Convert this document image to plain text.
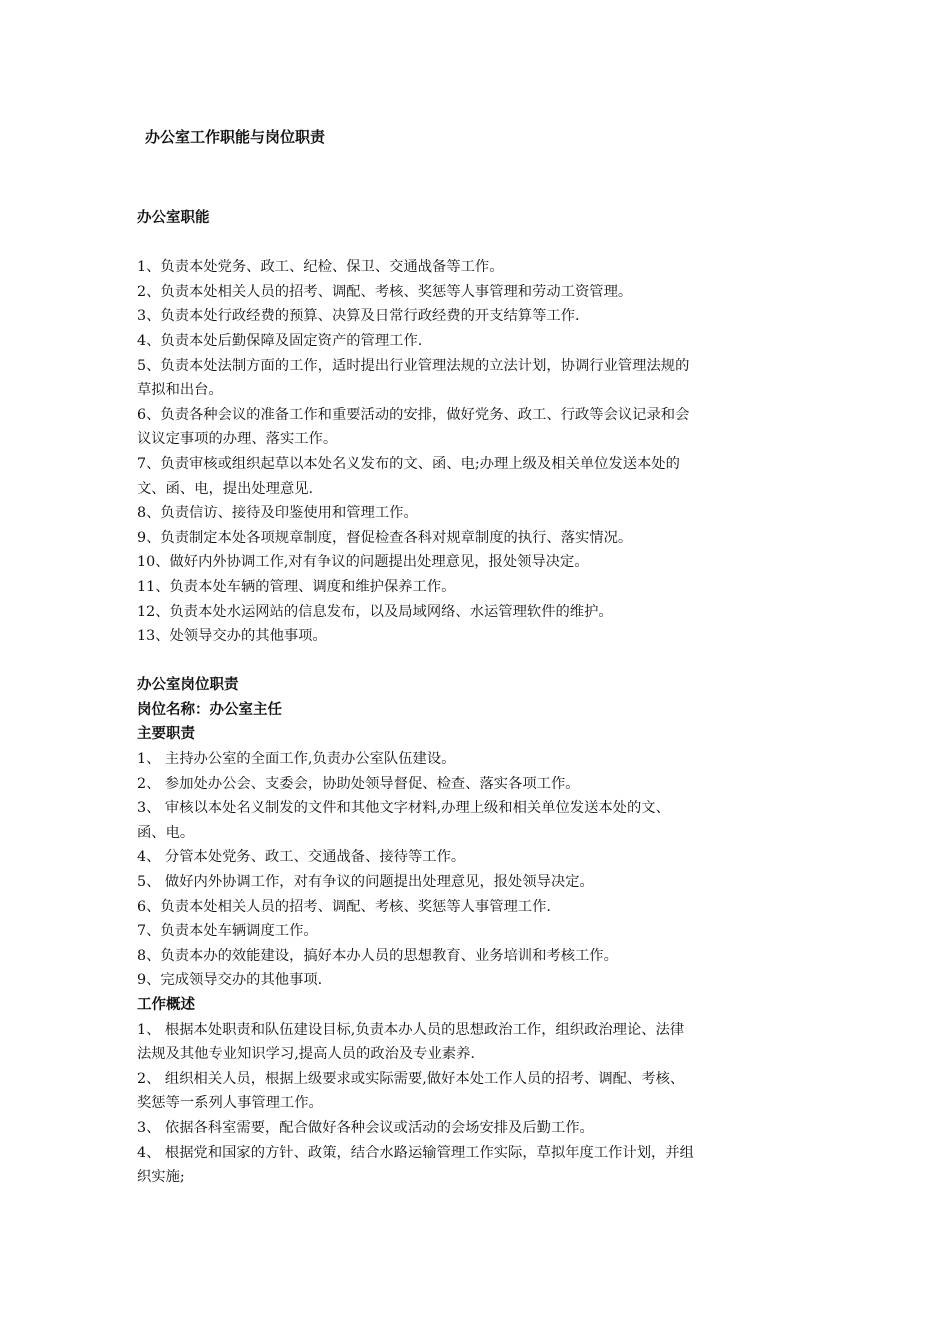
办公室工作职能与岗位职责
办公室职能
1、负责本处党务、政工、纪检、保卫、交通战备等工作。
2、负责本处相关人员的招考、调配、考核、奖惩等人事管理和劳动工资管理。
3、负责本处行政经费的预算、决算及日常行政经费的开支结算等工作.
4、负责本处后勤保障及固定资产的管理工作.
5、负责本处法制方面的工作，适时提出行业管理法规的立法计划，协调行业管理法规的
草拟和出台。
6、负责各种会议的准备工作和重要活动的安排，做好党务、政工、行政等会议记录和会
议议定事项的办理、落实工作。
7、负责审核或组织起草以本处名义发布的文、函、电;办理上级及相关单位发送本处的
文、函、电，提出处理意见.
8、负责信访、接待及印鉴使用和管理工作。
9、负责制定本处各项规章制度，督促检查各科对规章制度的执行、落实情况。
10、做好内外协调工作,对有争议的问题提出处理意见，报处领导决定。
11、负责本处车辆的管理、调度和维护保养工作。
12、负责本处水运网站的信息发布，以及局域网络、水运管理软件的维护。
13、处领导交办的其他事项。
办公室岗位职责
岗位名称：办公室主任
主要职责
1、 主持办公室的全面工作,负责办公室队伍建设。
2、 参加处办公会、支委会，协助处领导督促、检查、落实各项工作。
3、 审核以本处名义制发的文件和其他文字材料,办理上级和相关单位发送本处的文、
函、电。
4、 分管本处党务、政工、交通战备、接待等工作。
5、 做好内外协调工作，对有争议的问题提出处理意见，报处领导决定。
6、负责本处相关人员的招考、调配、考核、奖惩等人事管理工作.
7、负责本处车辆调度工作。
8、负责本办的效能建设，搞好本办人员的思想教育、业务培训和考核工作。
9、完成领导交办的其他事项.
工作概述
1、 根据本处职责和队伍建设目标,负责本办人员的思想政治工作，组织政治理论、法律
法规及其他专业知识学习,提高人员的政治及专业素养.
2、 组织相关人员，根据上级要求或实际需要,做好本处工作人员的招考、调配、考核、
奖惩等一系列人事管理工作。
3、 依据各科室需要，配合做好各种会议或活动的会场安排及后勤工作。
4、 根据党和国家的方针、政策，结合水路运输管理工作实际，草拟年度工作计划，并组
织实施;
